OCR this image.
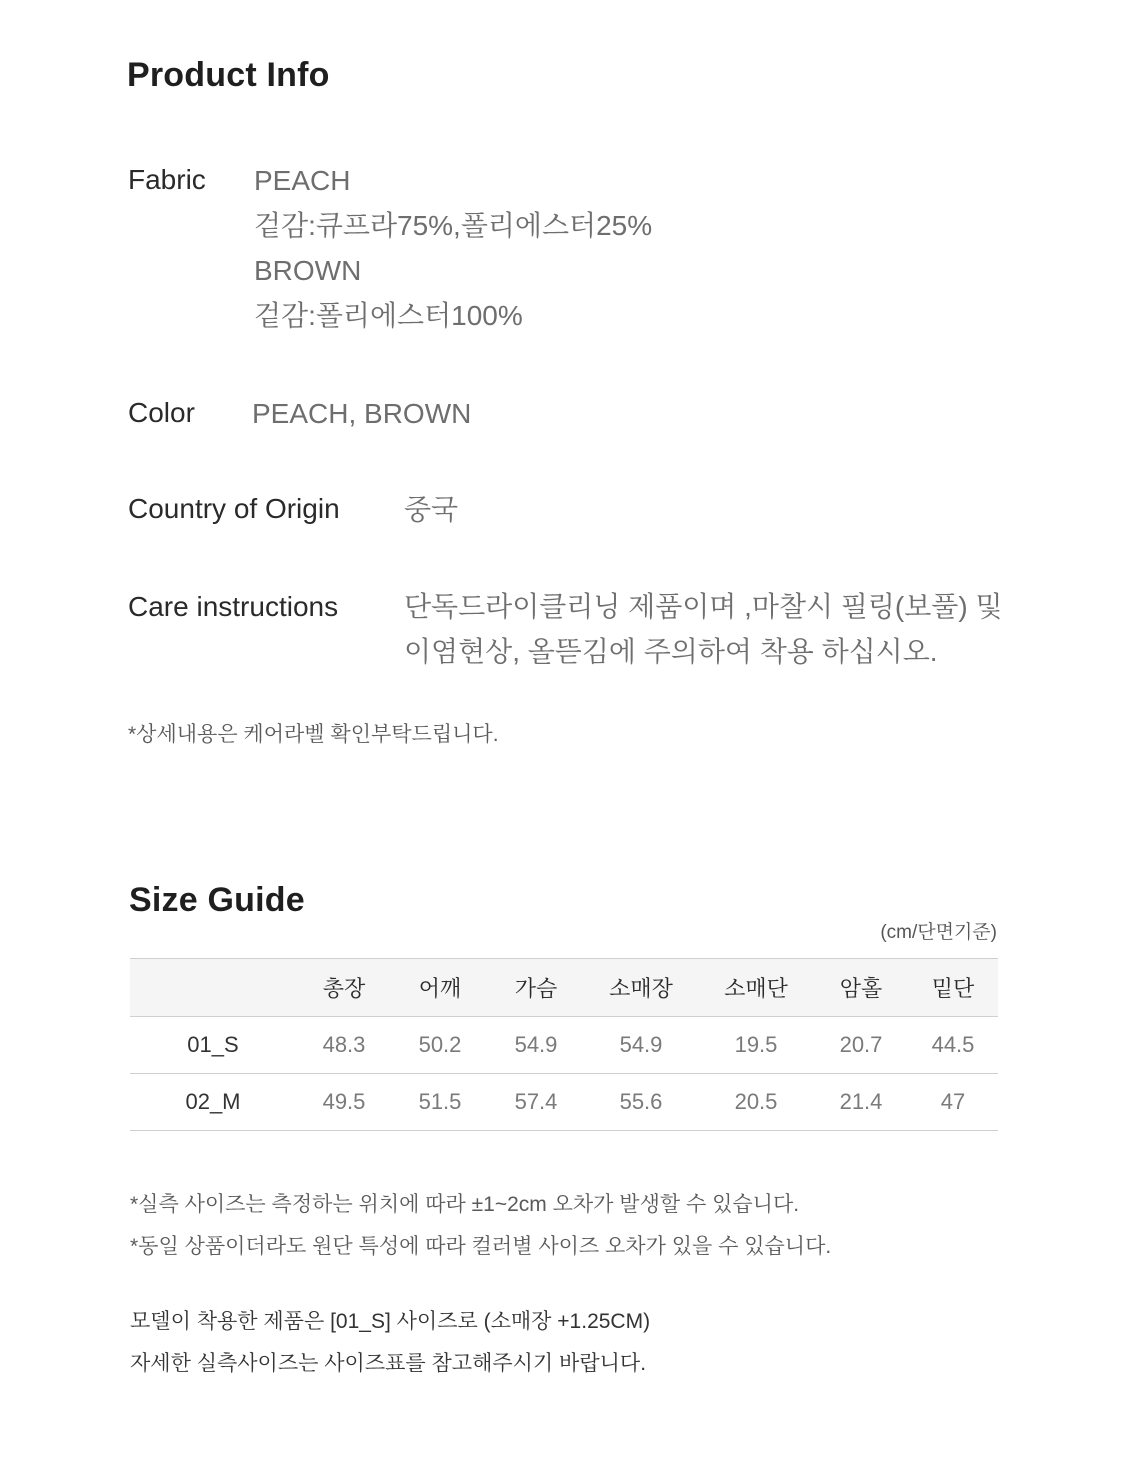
Product Info
Fabric PEACH
겉감:큐프라75%,폴리에스터25%
BROWN
겉감:폴리에스터100%
Color PEACH, BROWN
Country of Origin 중국
Care instructions 단독드라이클리닝 제품이며 ,마찰시 필링(보풀) 및
이염현상, 올뜯김에 주의하여 착용 하십시오.
*상세내용은 케어라벨 확인부탁드립니다.
Size Guide
(cm/단면기준)
	총장	어깨	가슴	소매장	소매단	암홀	밑단
01_S	48.3	50.2	54.9	54.9	19.5	20.7	44.5
02_M	49.5	51.5	57.4	55.6	20.5	21.4	47
*실측 사이즈는 측정하는 위치에 따라 ±1~2cm 오차가 발생할 수 있습니다.
*동일 상품이더라도 원단 특성에 따라 컬러별 사이즈 오차가 있을 수 있습니다.
모델이 착용한 제품은 [01_S] 사이즈로 (소매장 +1.25CM)
자세한 실측사이즈는 사이즈표를 참고해주시기 바랍니다.
